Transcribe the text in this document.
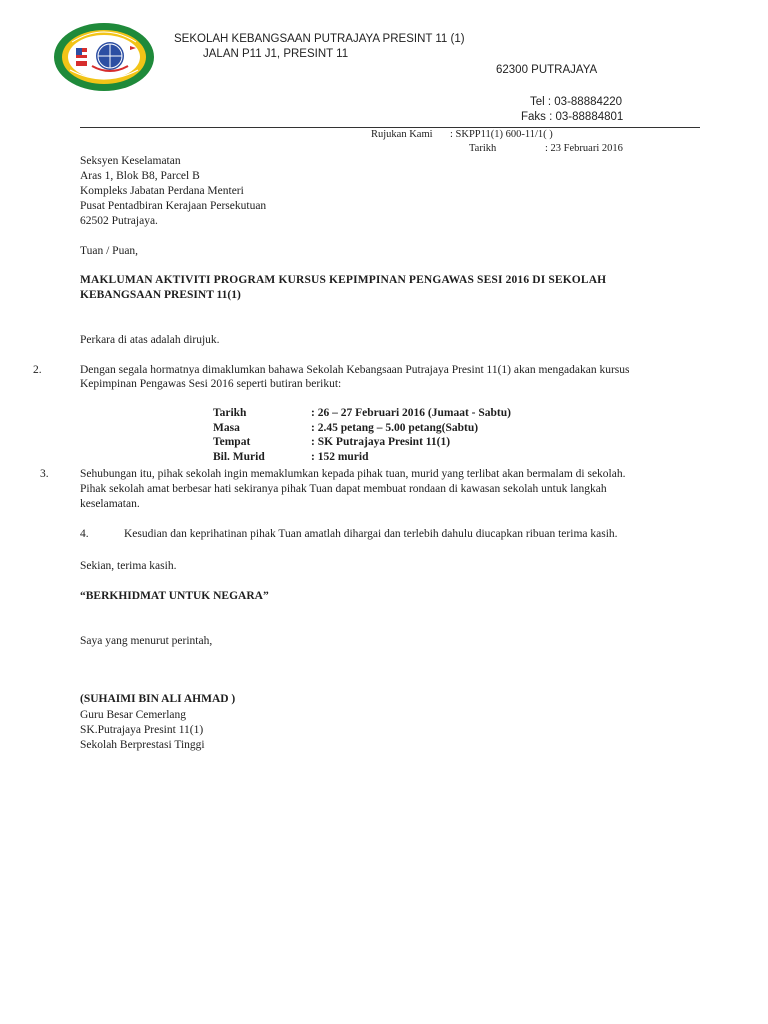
SEKOLAH KEBANGSAAN PUTRAJAYA PRESINT 11 (1)
JALAN P11 J1, PRESINT 11
62300 PUTRAJAYA
Tel : 03-88884220
Faks : 03-88884801
Rujukan Kami : SKPP11(1) 600-11/1( )
Tarikh	: 23 Februari 2016
Seksyen Keselamatan
Aras 1, Blok B8, Parcel B
Kompleks Jabatan Perdana Menteri
Pusat Pentadbiran Kerajaan Persekutuan
62502 Putrajaya.
Tuan / Puan,
MAKLUMAN AKTIVITI PROGRAM KURSUS KEPIMPINAN PENGAWAS SESI 2016 DI SEKOLAH
KEBANGSAAN PRESINT 11(1)
Perkara di atas adalah dirujuk.
2.	Dengan segala hormatnya dimaklumkan bahawa Sekolah Kebangsaan Putrajaya Presint 11(1) akan mengadakan kursus
Kepimpinan Pengawas Sesi 2016 seperti butiran berikut:
Tarikh	: 26 – 27 Februari 2016 (Jumaat - Sabtu)
Masa	: 2.45 petang – 5.00 petang(Sabtu)
Tempat	: SK Putrajaya Presint 11(1)
Bil. Murid	: 152 murid
3.	Sehubungan itu, pihak sekolah ingin memaklumkan kepada pihak tuan, murid yang terlibat akan bermalam di sekolah.
Pihak sekolah amat berbesar hati sekiranya pihak Tuan dapat membuat rondaan di kawasan sekolah untuk langkah
keselamatan.
4.	Kesudian dan keprihatinan pihak Tuan amatlah dihargai dan terlebih dahulu diucapkan ribuan terima kasih.
Sekian, terima kasih.
“BERKHIDMAT UNTUK NEGARA”
Saya yang menurut perintah,
(SUHAIMI BIN ALI AHMAD )
Guru Besar Cemerlang
SK.Putrajaya Presint 11(1)
Sekolah Berprestasi Tinggi
